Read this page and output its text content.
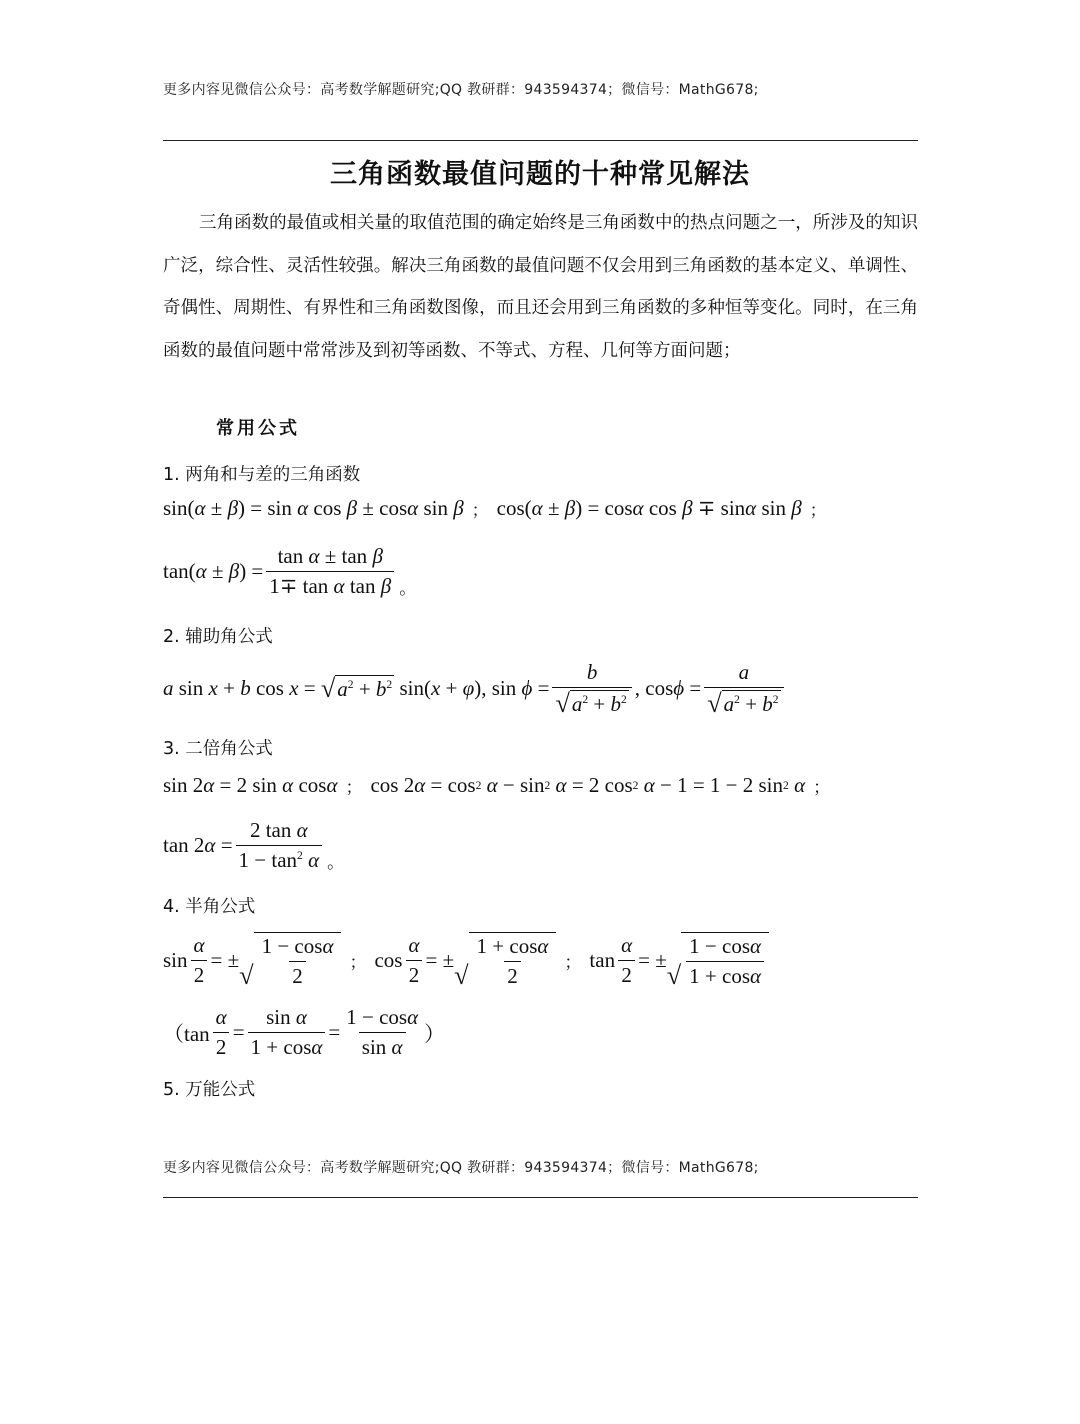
更多内容见微信公众号：高考数学解题研究;QQ 教研群：943594374；微信号：MathG678;
三角函数最值问题的十种常见解法
三角函数的最值或相关量的取值范围的确定始终是三角函数中的热点问题之一，所涉及的知识广泛，综合性、灵活性较强。解决三角函数的最值问题不仅会用到三角函数的基本定义、单调性、奇偶性、周期性、有界性和三角函数图像，而且还会用到三角函数的多种恒等变化。同时，在三角函数的最值问题中常常涉及到初等函数、不等式、方程、几何等方面问题；
常用公式
1. 两角和与差的三角函数
sin( α ± β ) = sin α cos β ± cos α sin β ； cos( α ± β ) = cos α cos β ∓ sin α sin β ；
tan( α ± β ) = $\frac{\text{tan α ± tan β}}{\text{1∓ tan α tan β}}$ 。
2. 辅助角公式
a sin x + b cos x = √ $a^2 + b^2$ sin( x + φ ), $\sin \phi = \frac{b}{√ a^2 + b^2}$ , $\cos \phi = \frac{a}{√ a^2 + b^2}$
3. 二倍角公式
sin 2 α = 2 sin α cos α ； cos 2 α = cos 2 α − sin 2 α = 2 cos 2 α − 1 = 1 − 2 sin 2 α ；
tan 2 $\alpha = \frac{\text{2 tan α}}{1 - \tan^2 \alpha}$ 。
4. 半角公式
$\sin \frac{\alpha}{2}$ = ±
√ $\frac{1 - \cos\alpha}{2}$ ； $\cos \frac{\alpha}{2}$ = ±
√ $\frac{1 + \cos\alpha}{2}$ ； $\tan \frac{\alpha}{2}$ = ±
√ $\frac{1 - \cos\alpha}{1 + \cos\alpha}$
（$\tan \frac{\alpha}{2} = \frac{\text{sin α}}{1 + \cos\alpha} = \frac{1 - \cos\alpha}{\text{sin α}}$ ）
5. 万能公式
更多内容见微信公众号：高考数学解题研究;QQ 教研群：943594374；微信号：MathG678;
